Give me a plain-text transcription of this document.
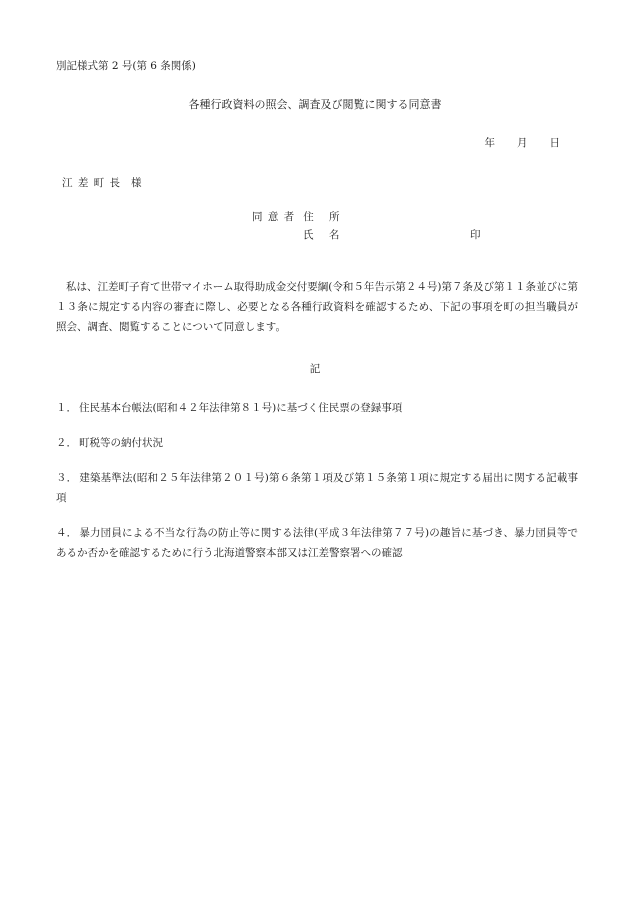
別記様式第 2 号(第 6 条関係)
各種行政資料の照会、調査及び閲覧に関する同意書
年 月 日
江 差 町 長 様
同 意 者 住 所
氏 名	印
私は、江差町子育て世帯マイホーム取得助成金交付要綱(令和５年告示第２４号)第７条及び第１１条並びに第１３条に規定する内容の審査に際し、必要となる各種行政資料を確認するため、下記の事項を町の担当職員が照会、調査、閲覧することについて同意します。
記
１． 住民基本台帳法(昭和４２年法律第８１号)に基づく住民票の登録事項
２． 町税等の納付状況
３． 建築基準法(昭和２５年法律第２０１号)第６条第１項及び第１５条第１項に規定する届出に関する記載事項
４． 暴力団員による不当な行為の防止等に関する法律(平成３年法律第７７号)の趣旨に基づき、暴力団員等であるか否かを確認するために行う北海道警察本部又は江差警察署への確認
